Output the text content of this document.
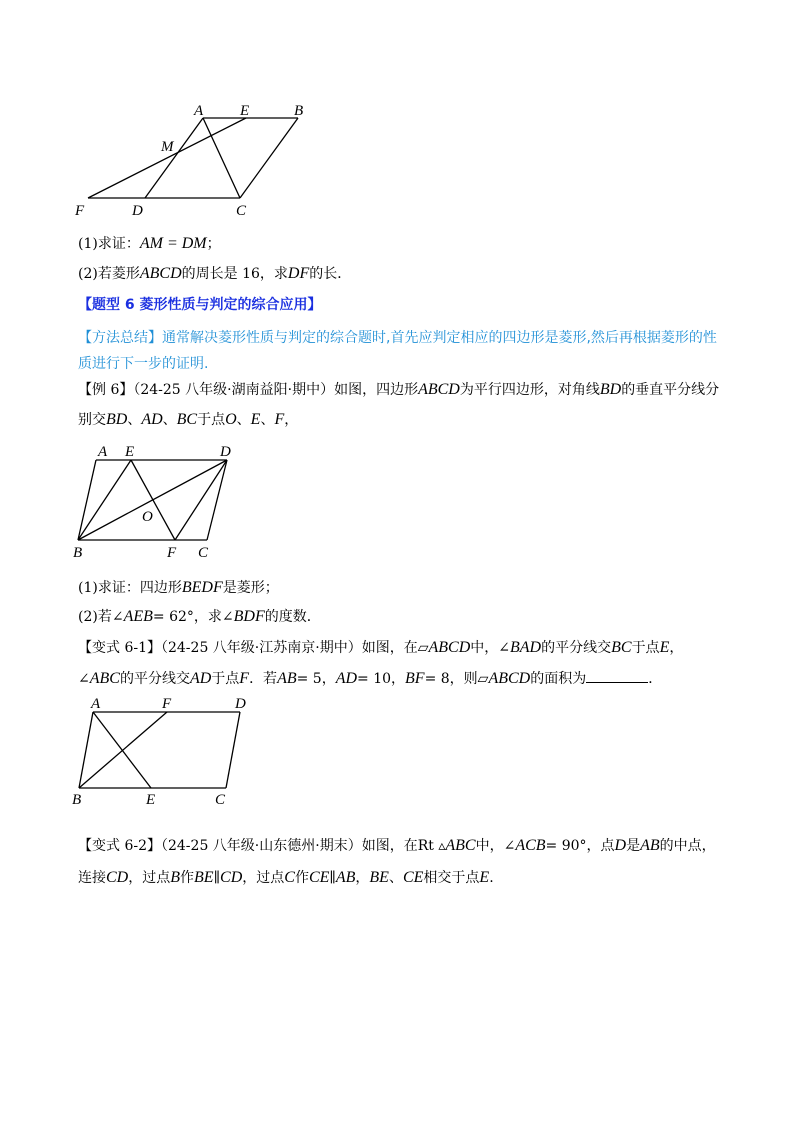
A E	B
M
F	D	C
(1)求证：AM = DM；
(2)若菱形ABCD的周长是 16，求DF的长．
【题型 6 菱形性质与判定的综合应用】
【方法总结】通常解决菱形性质与判定的综合题时,首先应判定相应的四边形是菱形,然后再根据菱形的性
质进行下一步的证明.
【例 6】（24-25 八年级·湖南益阳·期中）如图，四边形ABCD为平行四边形，对角线BD的垂直平分线分
别交BD、AD、BC于点O、E、F，
A E	D
O
B	F C
(1)求证：四边形BEDF是菱形；
(2)若∠AEB= 62°，求∠BDF的度数．
【变式 6-1】（24-25 八年级·江苏南京·期中）如图，在▱ABCD中，∠BAD的平分线交BC于点E，
∠ABC的平分线交AD于点F．若AB= 5，AD= 10，BF= 8，则▱ABCD的面积为	．
A	F	D
B	E	C
【变式 6-2】（24-25 八年级·山东德州·期末）如图，在Rt ▵ABC中，∠ACB= 90°，点D是AB的中点，
连接CD，过点B作BE∥CD，过点C作CE∥AB，BE、CE相交于点E.
